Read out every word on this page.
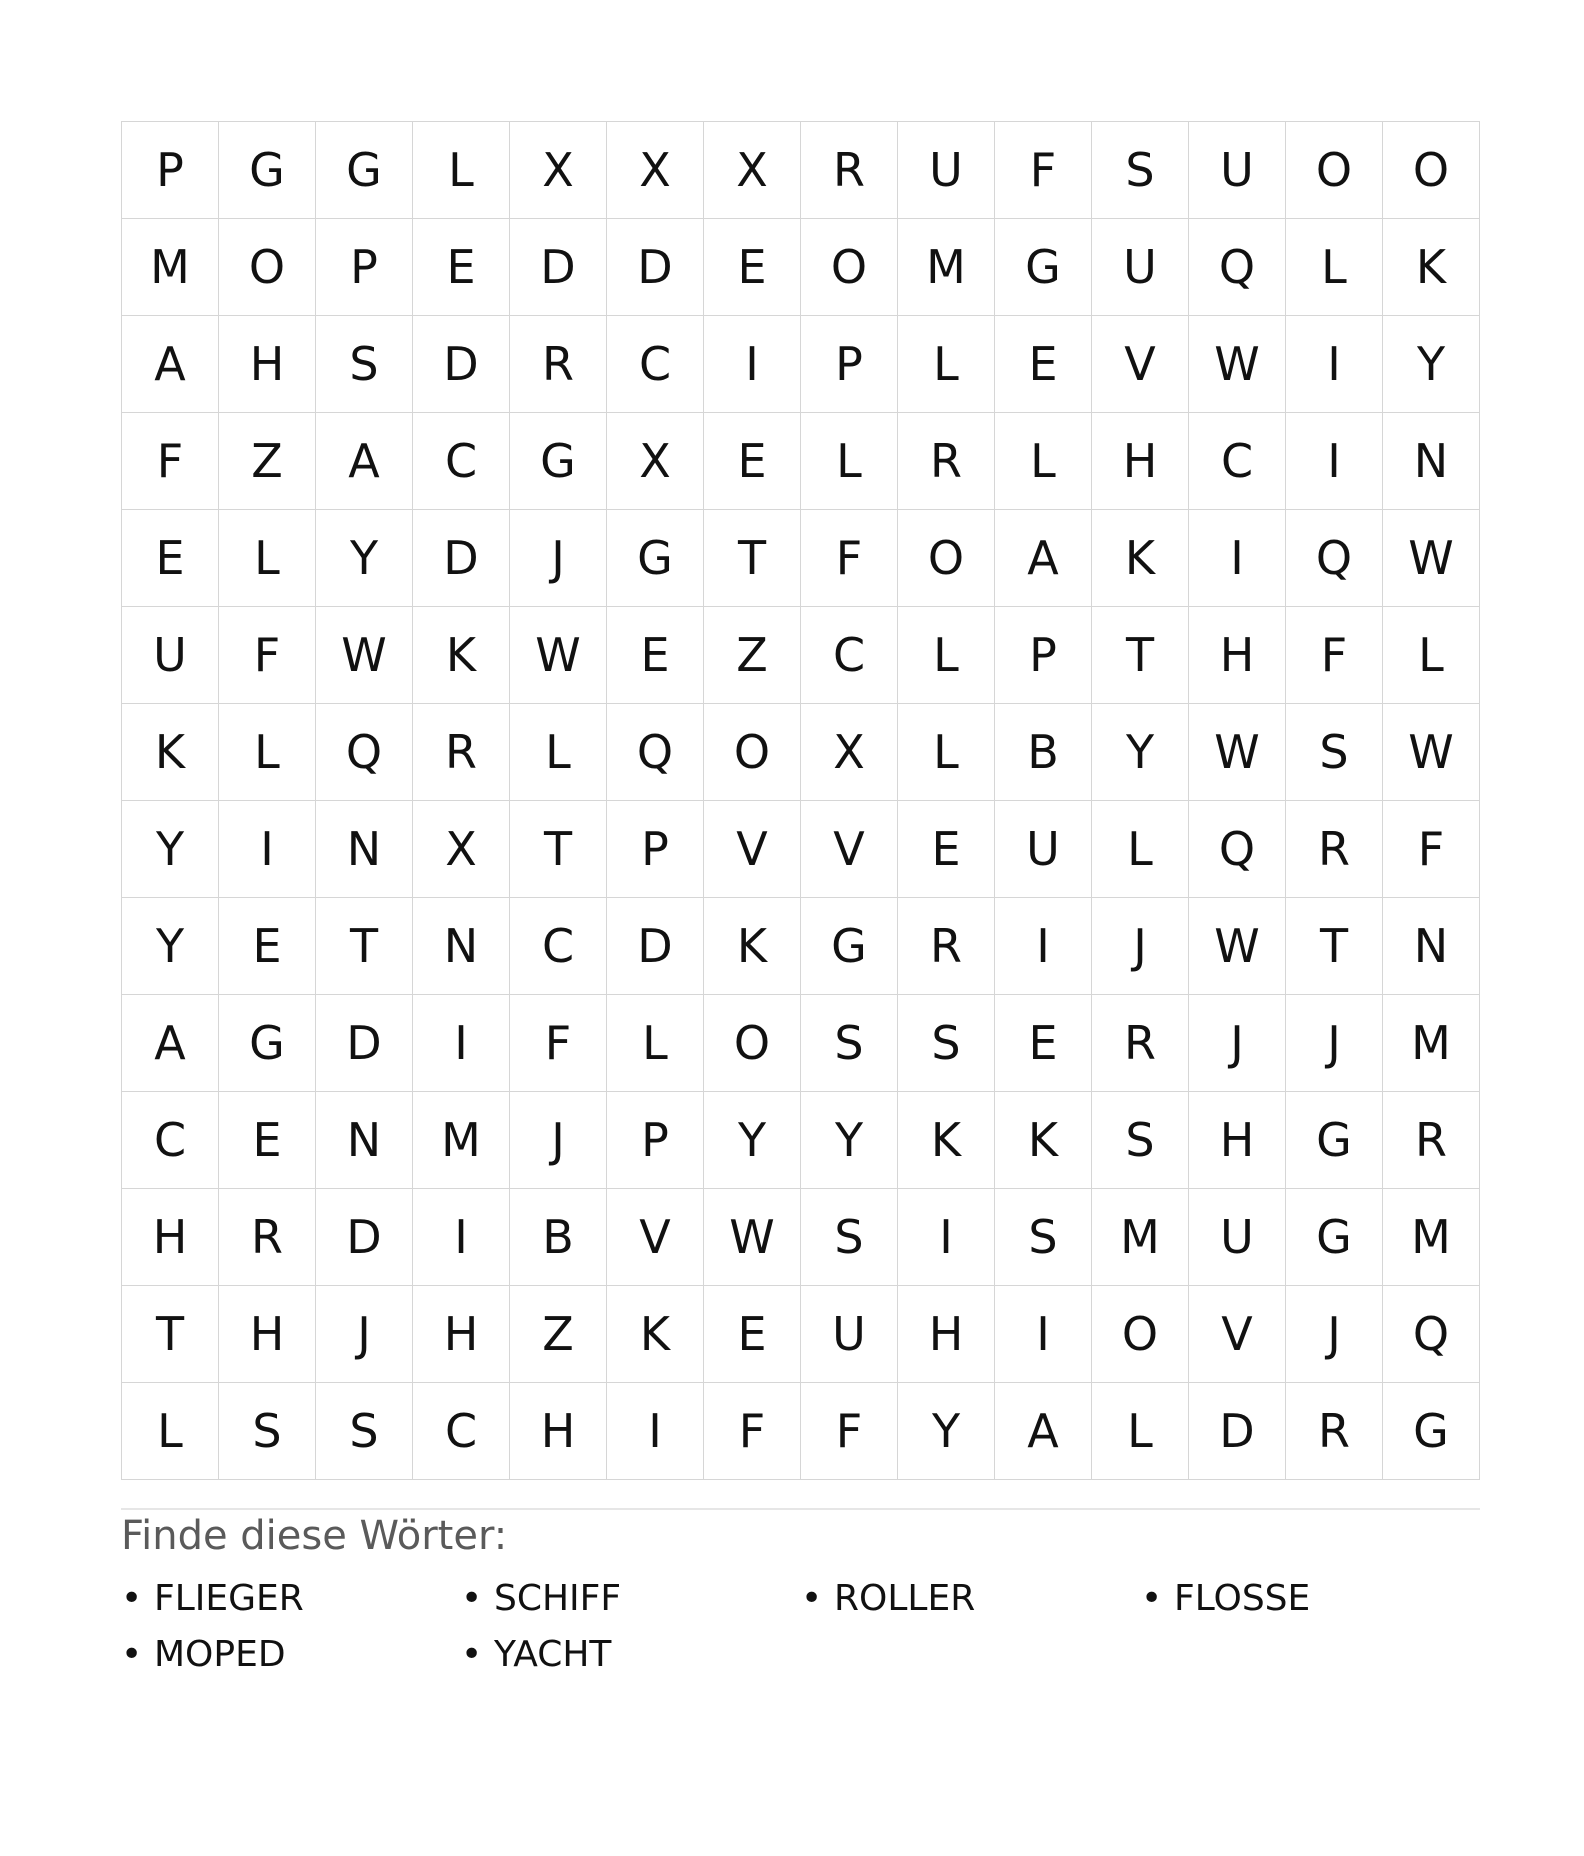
P	G	G	L	X	X	X	R	U	F	S	U	O	O
M	O	P	E	D	D	E	O	M	G	U	Q	L	K
A	H	S	D	R	C	I	P	L	E	V	W	I	Y
F	Z	A	C	G	X	E	L	R	L	H	C	I	N
E	L	Y	D	J	G	T	F	O	A	K	I	Q	W
U	F	W	K	W	E	Z	C	L	P	T	H	F	L
K	L	Q	R	L	Q	O	X	L	B	Y	W	S	W
Y	I	N	X	T	P	V	V	E	U	L	Q	R	F
Y	E	T	N	C	D	K	G	R	I	J	W	T	N
A	G	D	I	F	L	O	S	S	E	R	J	J	M
C	E	N	M	J	P	Y	Y	K	K	S	H	G	R
H	R	D	I	B	V	W	S	I	S	M	U	G	M
T	H	J	H	Z	K	E	U	H	I	O	V	J	Q
L	S	S	C	H	I	F	F	Y	A	L	D	R	G
Finde diese Wörter:
• FLIEGER	• SCHIFF	• ROLLER	• FLOSSE
• MOPED	• YACHT
